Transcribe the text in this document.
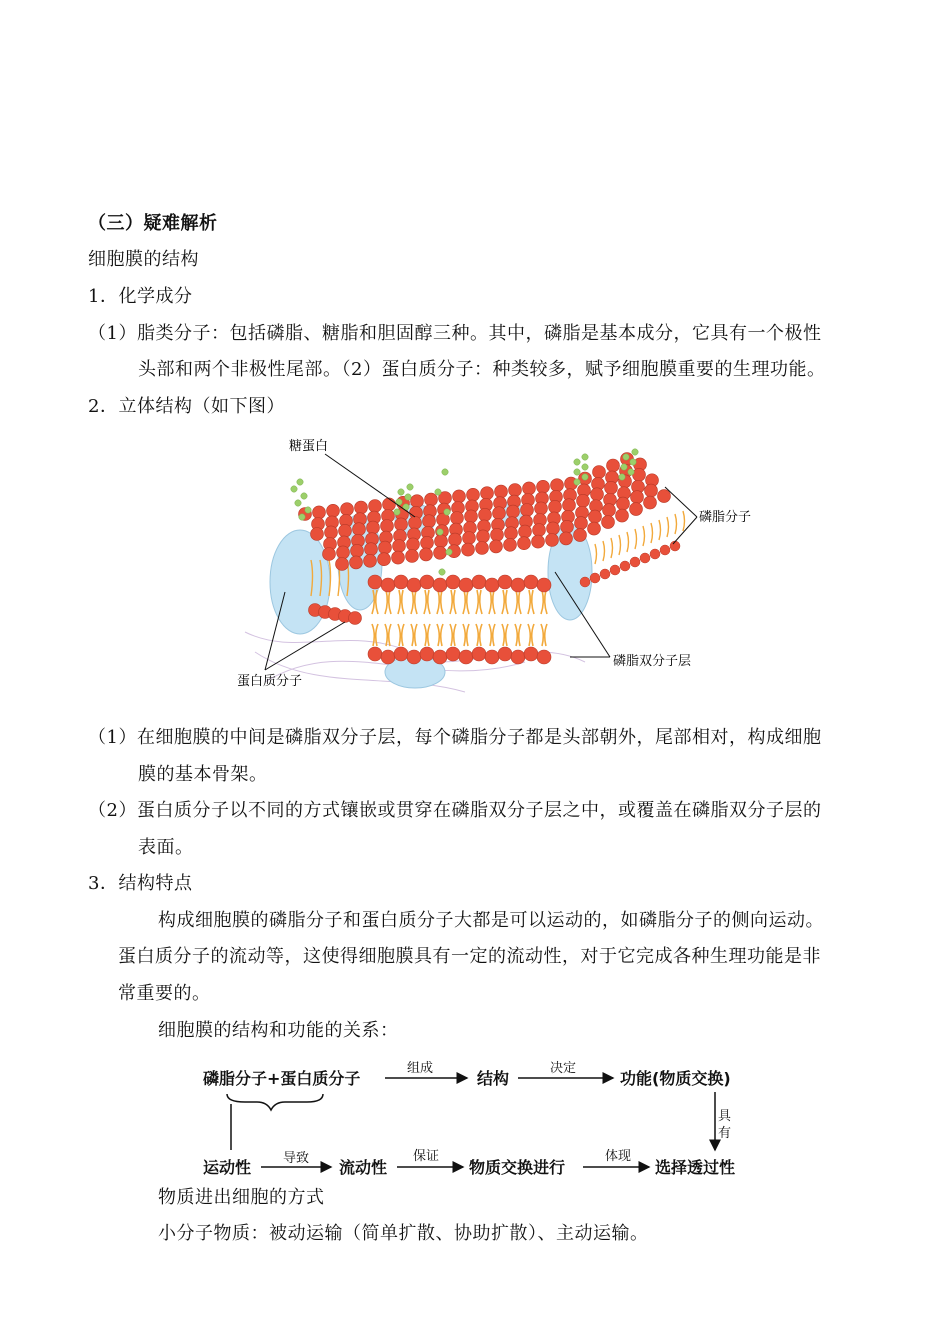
（三）疑难解析
细胞膜的结构
1．化学成分
（1）脂类分子：包括磷脂、糖脂和胆固醇三种。其中，磷脂是基本成分，它具有一个极性
头部和两个非极性尾部。（2）蛋白质分子：种类较多，赋予细胞膜重要的生理功能。
2．立体结构（如下图）
糖蛋白
磷脂分子
磷脂双分子层
蛋白质分子
（1）在细胞膜的中间是磷脂双分子层，每个磷脂分子都是头部朝外，尾部相对，构成细胞
膜的基本骨架。
（2）蛋白质分子以不同的方式镶嵌或贯穿在磷脂双分子层之中，或覆盖在磷脂双分子层的
表面。
3．结构特点
构成细胞膜的磷脂分子和蛋白质分子大都是可以运动的，如磷脂分子的侧向运动。
蛋白质分子的流动等，这使得细胞膜具有一定的流动性，对于它完成各种生理功能是非
常重要的。
细胞膜的结构和功能的关系：
磷脂分子+蛋白质分子	结构	功能(物质交换)
运动性	流动性	物质交换进行	选择透过性
组成	决定
导致	保证	体现
具
有
物质进出细胞的方式
小分子物质：被动运输（简单扩散、协助扩散）、主动运输。
